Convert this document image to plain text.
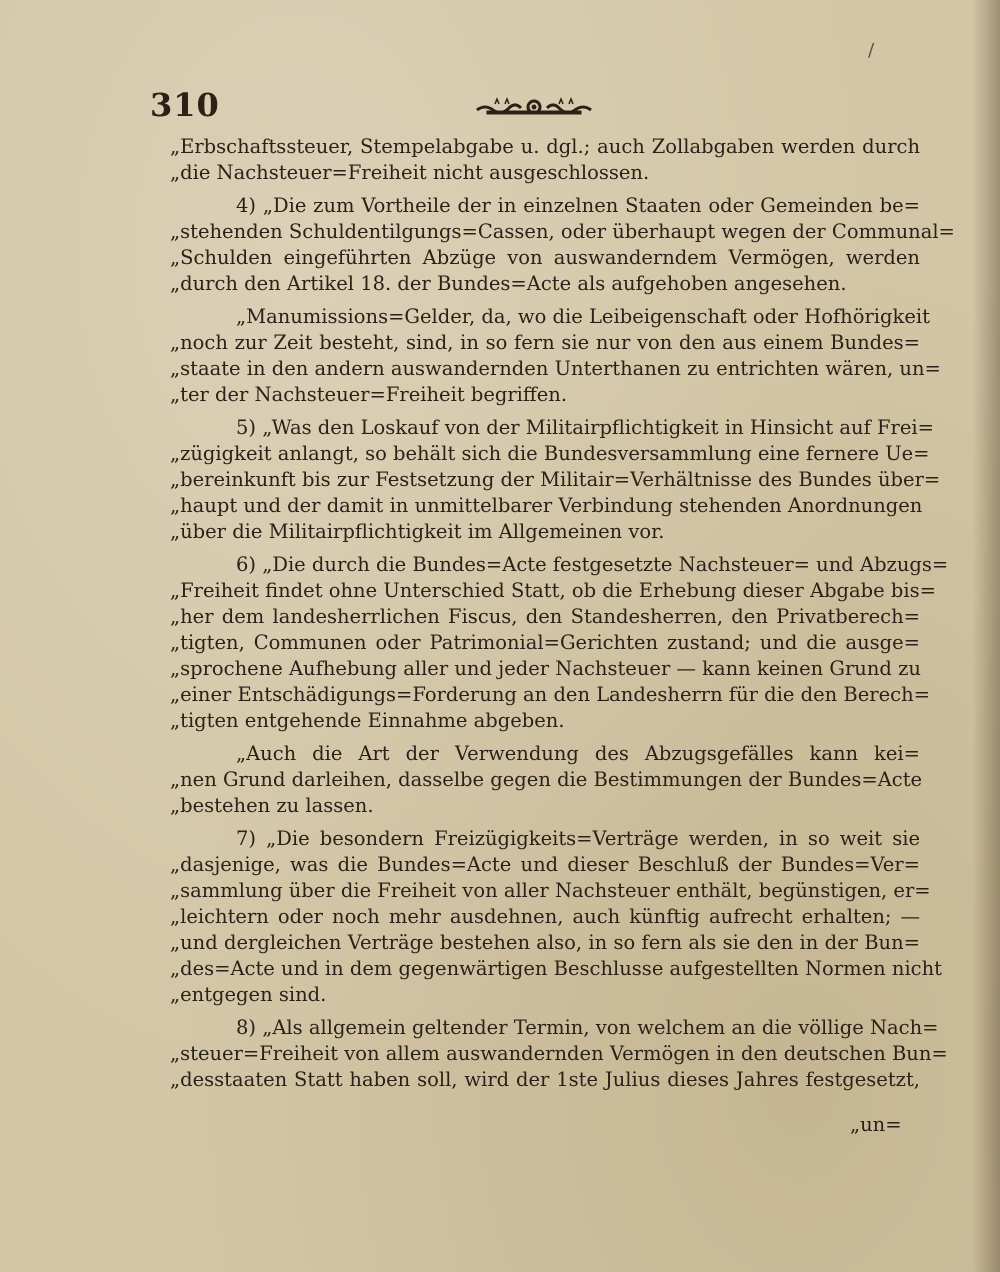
/
310

„Erbschaftssteuer, Stempelabgabe u. dgl.; auch Zollabgaben werden durch
„die Nachsteuer=Freiheit nicht ausgeschlossen.

4) „Die zum Vortheile der in einzelnen Staaten oder Gemeinden be=
„stehenden Schuldentilgungs=Cassen, oder überhaupt wegen der Communal=
„Schulden eingeführten Abzüge von auswanderndem Vermögen, werden
„durch den Artikel 18. der Bundes=Acte als aufgehoben angesehen.

„Manumissions=Gelder, da, wo die Leibeigenschaft oder Hofhörigkeit
„noch zur Zeit besteht, sind, in so fern sie nur von den aus einem Bundes=
„staate in den andern auswandernden Unterthanen zu entrichten wären, un=
„ter der Nachsteuer=Freiheit begriffen.

5) „Was den Loskauf von der Militairpflichtigkeit in Hinsicht auf Frei=
„zügigkeit anlangt, so behält sich die Bundesversammlung eine fernere Ue=
„bereinkunft bis zur Festsetzung der Militair=Verhältnisse des Bundes über=
„haupt und der damit in unmittelbarer Verbindung stehenden Anordnungen
„über die Militairpflichtigkeit im Allgemeinen vor.

6) „Die durch die Bundes=Acte festgesetzte Nachsteuer= und Abzugs=
„Freiheit findet ohne Unterschied Statt, ob die Erhebung dieser Abgabe bis=
„her dem landesherrlichen Fiscus, den Standesherren, den Privatberech=
„tigten, Communen oder Patrimonial=Gerichten zustand; und die ausge=
„sprochene Aufhebung aller und jeder Nachsteuer — kann keinen Grund zu
„einer Entschädigungs=Forderung an den Landesherrn für die den Berech=
„tigten entgehende Einnahme abgeben.

„Auch die Art der Verwendung des Abzugsgefälles kann kei=
„nen Grund darleihen, dasselbe gegen die Bestimmungen der Bundes=Acte
„bestehen zu lassen.

7) „Die besondern Freizügigkeits=Verträge werden, in so weit sie
„dasjenige, was die Bundes=Acte und dieser Beschluß der Bundes=Ver=
„sammlung über die Freiheit von aller Nachsteuer enthält, begünstigen, er=
„leichtern oder noch mehr ausdehnen, auch künftig aufrecht erhalten; —
„und dergleichen Verträge bestehen also, in so fern als sie den in der Bun=
„des=Acte und in dem gegenwärtigen Beschlusse aufgestellten Normen nicht
„entgegen sind.

8) „Als allgemein geltender Termin, von welchem an die völlige Nach=
„steuer=Freiheit von allem auswandernden Vermögen in den deutschen Bun=
„desstaaten Statt haben soll, wird der 1ste Julius dieses Jahres festgesetzt,

„un=
